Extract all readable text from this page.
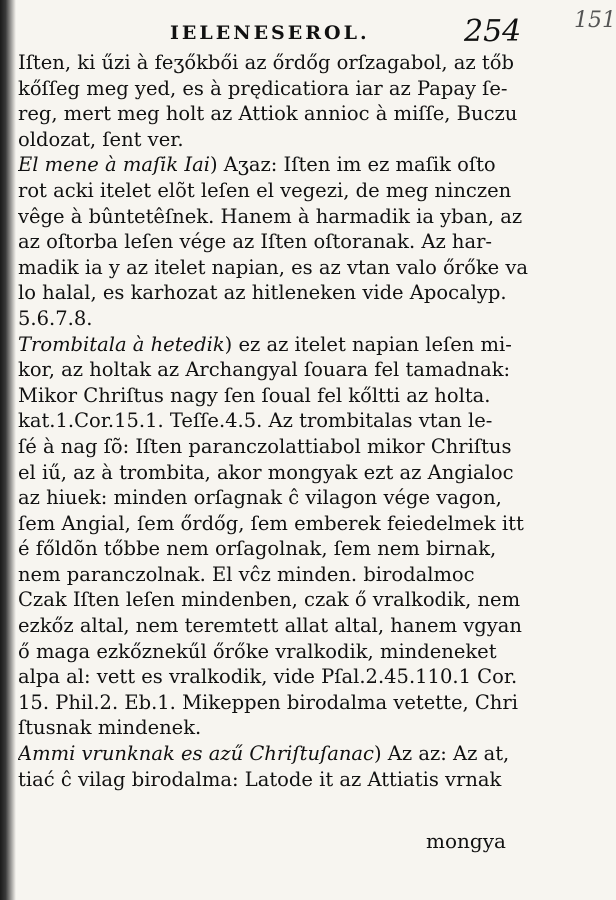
IELENESEROL.	254 151
Iſten, ki űzi à feʒőkbői az őrdőg orſzagabol, az tőb
kőſſeg meg yed, es à prędicatiora iar az Papay ſe-
reg, mert meg holt az Attiok annioc à miſſe, Buczu
oldozat, ſent ver.
El mene à maſik Iai) Aʒaz: Iſten im ez maſik oſto
rot acki itelet elõt leſen el vegezi, de meg ninczen
vêge à bûntetêſnek. Hanem à harmadik ia yban, az
az oſtorba leſen vége az Iſten oſtoranak. Az har-
madik ia y az itelet napian, es az vtan valo őrőke va
lo halal, es karhozat az hitleneken vide Apocalyp.
5.6.7.8.
Trombitala à hetedik) ez az itelet napian leſen mi-
kor, az holtak az Archangyal ſouara fel tamadnak:
Mikor Chriſtus nagy ſen ſoual fel kőltti az holta.
kat.1.Cor.15.1. Teſſe.4.5. Az trombitalas vtan le-
ſé à nag ſõ: Iſten paranczolattiabol mikor Chriſtus
el iű, az à trombita, akor mongyak ezt az Angialoc
az hiuek: minden orſagnak ĉ vilagon vége vagon,
ſem Angial, ſem őrdőg, ſem emberek feiedelmek itt
é főldõn tőbbe nem orſagolnak, ſem nem birnak,
nem paranczolnak. El vĉz minden. birodalmoc
Czak Iſten leſen mindenben, czak ő vralkodik, nem
ezkőz altal, nem teremtett allat altal, hanem vgyan
ő maga ezkőznekűl őrőke vralkodik, mindeneket
alpa al: vett es vralkodik, vide Pſal.2.45.110.1 Cor.
15. Phil.2. Eb.1. Mikeppen birodalma vetette, Chri
ſtusnak mindenek.
Ammi vrunknak es azű Chriſtuſanac) Az az: Az at,
tiać ĉ vilag birodalma: Latode it az Attiatis vrnak
mongya
